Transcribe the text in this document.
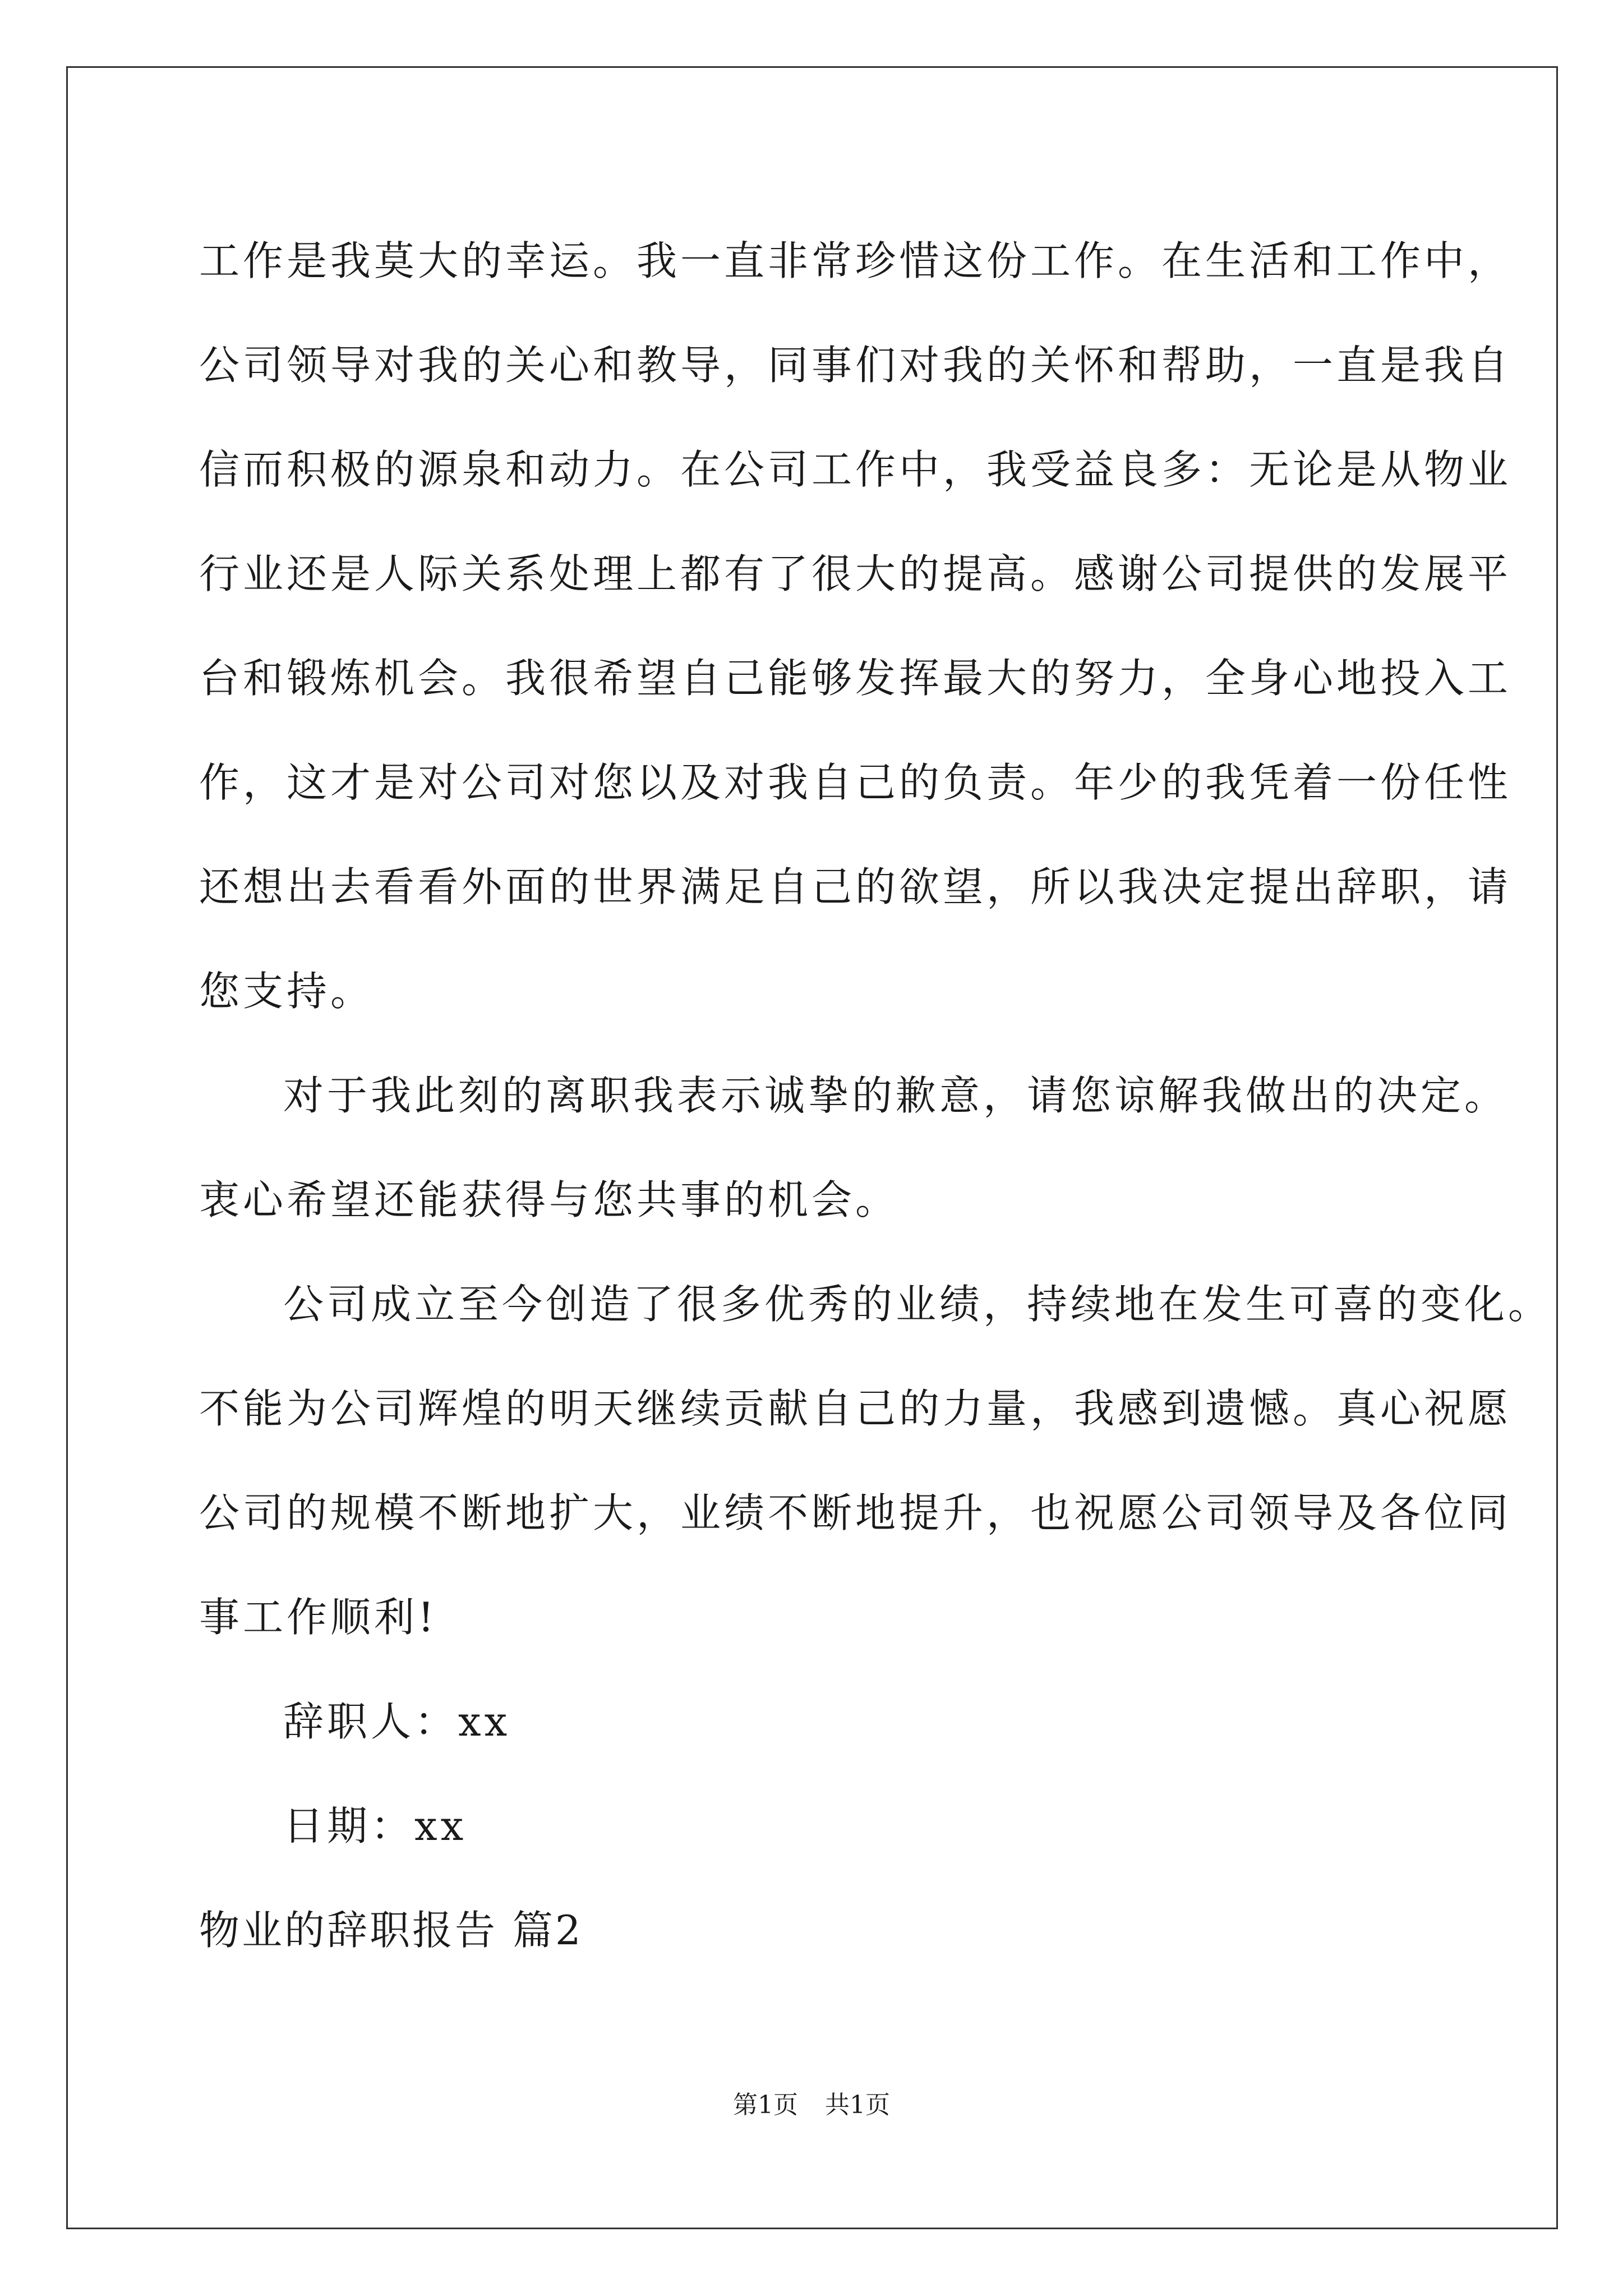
工作是我莫大的幸运。我一直非常珍惜这份工作。在生活和工作中，
公司领导对我的关心和教导，同事们对我的关怀和帮助，一直是我自
信而积极的源泉和动力。在公司工作中，我受益良多：无论是从物业
行业还是人际关系处理上都有了很大的提高。感谢公司提供的发展平
台和锻炼机会。我很希望自己能够发挥最大的努力，全身心地投入工
作，这才是对公司对您以及对我自己的负责。年少的我凭着一份任性
还想出去看看外面的世界满足自己的欲望，所以我决定提出辞职，请
您支持。
对于我此刻的离职我表示诚挚的歉意，请您谅解我做出的决定。
衷心希望还能获得与您共事的机会。
公司成立至今创造了很多优秀的业绩，持续地在发生可喜的变化。
不能为公司辉煌的明天继续贡献自己的力量，我感到遗憾。真心祝愿
公司的规模不断地扩大，业绩不断地提升，也祝愿公司领导及各位同
事工作顺利!
辞职人：xx
日期：xx
物业的辞职报告 篇2
第1页 共1页
